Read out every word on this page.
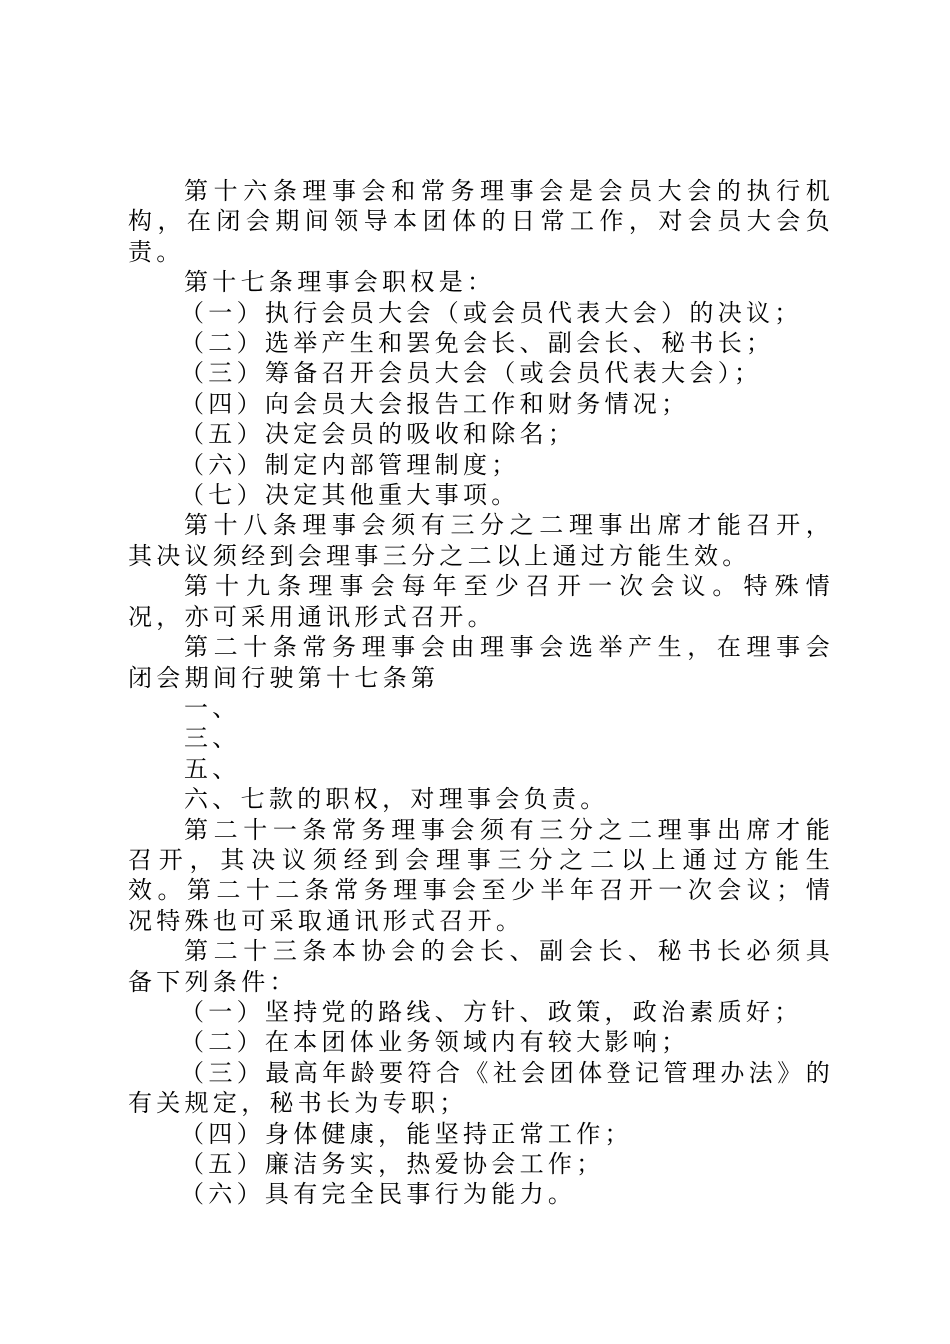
第十六条理事会和常务理事会是会员大会的执行机构，在闭会期间领导本团体的日常工作，对会员大会负责。

第十七条理事会职权是：

（一）执行会员大会（或会员代表大会）的决议；

（二）选举产生和罢免会长、副会长、秘书长；

（三）筹备召开会员大会（或会员代表大会）；

（四）向会员大会报告工作和财务情况；

（五）决定会员的吸收和除名；

（六）制定内部管理制度；

（七）决定其他重大事项。

第十八条理事会须有三分之二理事出席才能召开，其决议须经到会理事三分之二以上通过方能生效。

第十九条理事会每年至少召开一次会议。特殊情况，亦可采用通讯形式召开。

第二十条常务理事会由理事会选举产生，在理事会闭会期间行驶第十七条第

一、

三、

五、

六、七款的职权，对理事会负责。

第二十一条常务理事会须有三分之二理事出席才能召开，其决议须经到会理事三分之二以上通过方能生效。第二十二条常务理事会至少半年召开一次会议；情况特殊也可采取通讯形式召开。

第二十三条本协会的会长、副会长、秘书长必须具备下列条件：

（一）坚持党的路线、方针、政策，政治素质好；

（二）在本团体业务领域内有较大影响；

（三）最高年龄要符合《社会团体登记管理办法》的有关规定，秘书长为专职；

（四）身体健康，能坚持正常工作；

（五）廉洁务实，热爱协会工作；

（六）具有完全民事行为能力。
